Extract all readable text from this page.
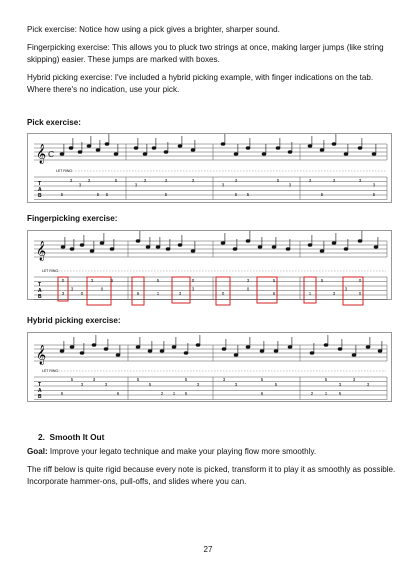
Pick exercise: Notice how using a pick gives a brighter, sharper sound.
Fingerpicking exercise: This allows you to pluck two strings at once, making larger jumps (like string skipping) easier. These jumps are marked with boxes.
Hybrid picking exercise: I've included a hybrid picking example, with finger indications on the tab. Where there's no indication, use your pick.
Pick exercise:
𝄞 C
T
A
B
LET RING
5
3
3
3
5 5
5
3
3	3
5
3
3
3
5 5
5
3
3
5
3	3
3
5
Fingerpicking exercise:
𝄞
T
A
B
LET RING
0
3
3
0
3
0
5
6
5
1	3
0
3
0
3
0
5
6	1
5
3
3
0
0
Hybrid picking exercise:
𝄞
T
A
B
LET RING
5
5
3
3
3
6
5
5
2 1
5
5
3
3
3
5
6
5
2
5
1
3
5
3
3
2. Smooth It Out
Goal: Improve your legato technique and make your playing flow more smoothly.
The riff below is quite rigid because every note is picked, transform it to play it as smoothly as possible. Incorporate hammer-ons, pull-offs, and slides where you can.
27
